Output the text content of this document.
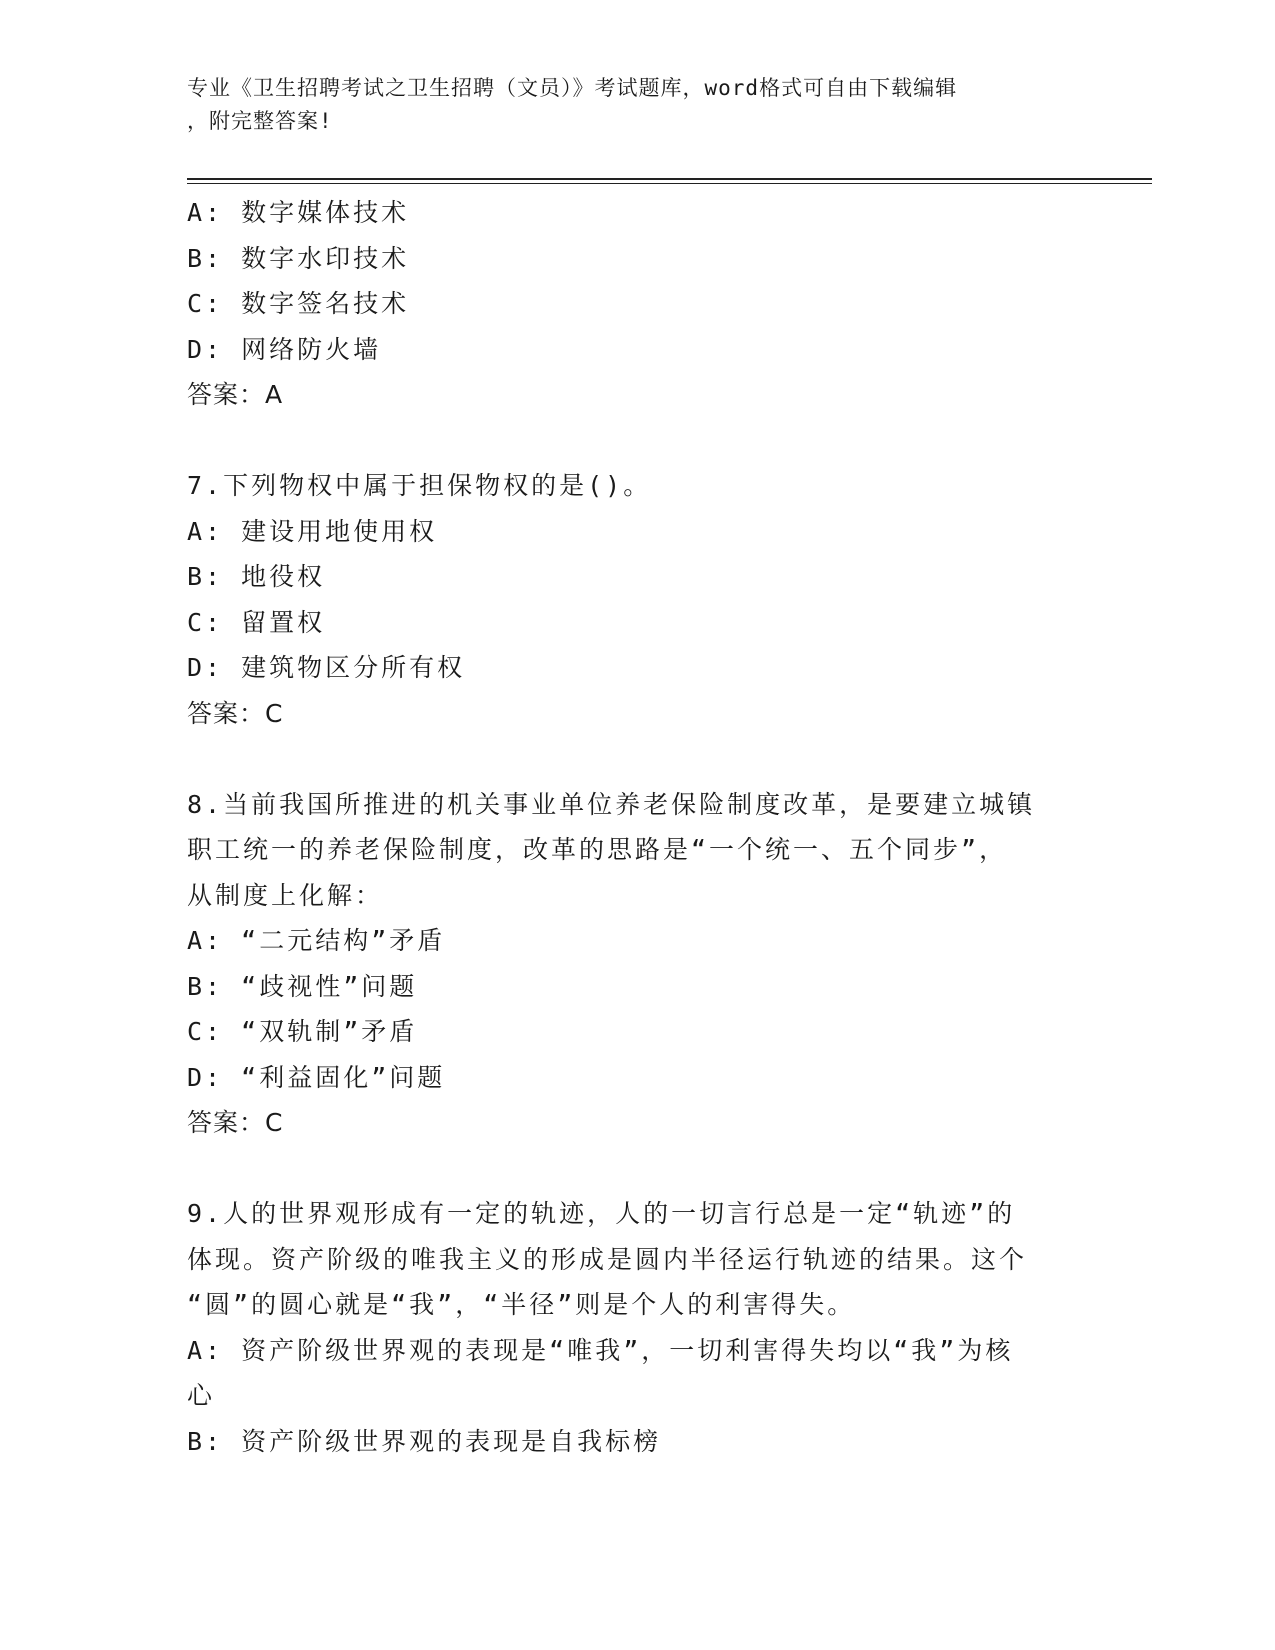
专业《卫生招聘考试之卫生招聘（文员）》考试题库，word格式可自由下载编辑
，附完整答案!
A: 数字媒体技术
B: 数字水印技术
C: 数字签名技术
D: 网络防火墙
答案：A
7.下列物权中属于担保物权的是()。
A: 建设用地使用权
B: 地役权
C: 留置权
D: 建筑物区分所有权
答案：C
8.当前我国所推进的机关事业单位养老保险制度改革，是要建立城镇
职工统一的养老保险制度，改革的思路是“一个统一、五个同步”，
从制度上化解：
A: “二元结构”矛盾
B: “歧视性”问题
C: “双轨制”矛盾
D: “利益固化”问题
答案：C
9.人的世界观形成有一定的轨迹，人的一切言行总是一定“轨迹”的
体现。资产阶级的唯我主义的形成是圆内半径运行轨迹的结果。这个
“圆”的圆心就是“我”，“半径”则是个人的利害得失。
A: 资产阶级世界观的表现是“唯我”，一切利害得失均以“我”为核
心
B: 资产阶级世界观的表现是自我标榜
